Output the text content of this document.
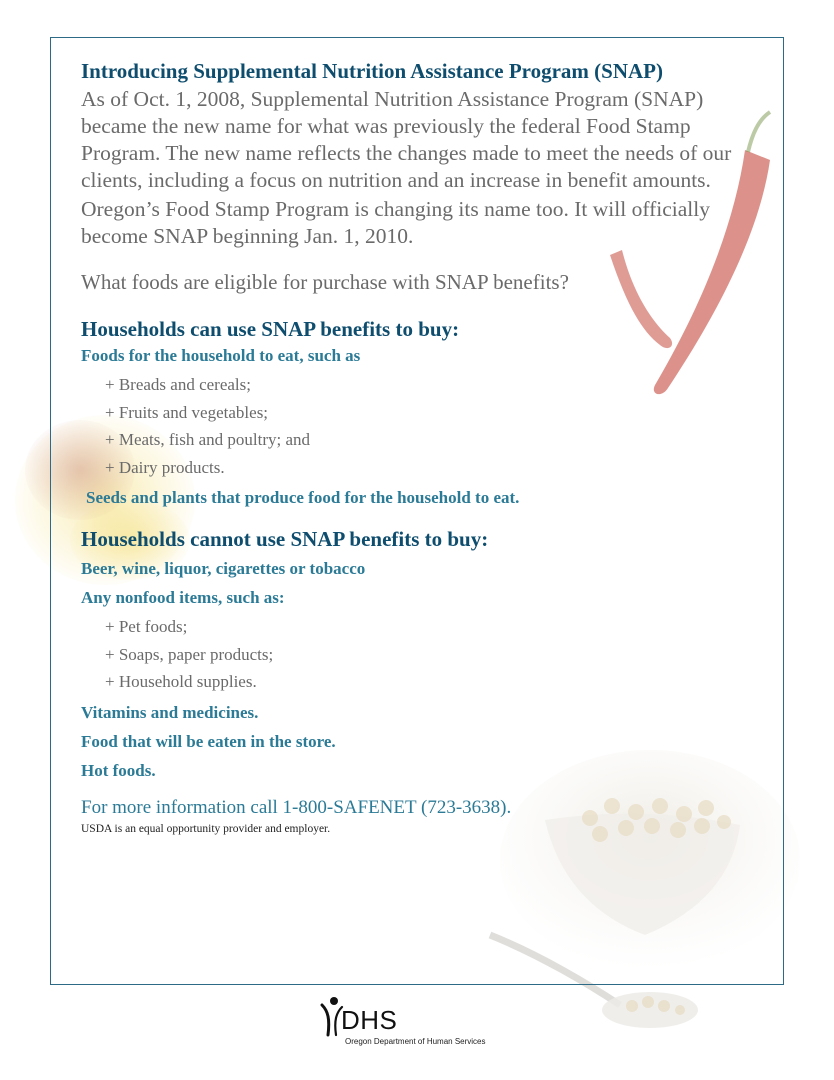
Introducing Supplemental Nutrition Assistance Program (SNAP)
As of Oct. 1, 2008, Supplemental Nutrition Assistance Program (SNAP) became the new name for what was previously the federal Food Stamp Program. The new name reflects the changes made to meet the needs of our clients, including a focus on nutrition and an increase in benefit amounts.
Oregon’s Food Stamp Program is changing its name too. It will officially become SNAP beginning Jan. 1, 2010.
What foods are eligible for purchase with SNAP benefits?
Households can use SNAP benefits to buy:
Foods for the household to eat, such as
+ Breads and cereals;
+ Fruits and vegetables;
+ Meats, fish and poultry; and
+ Dairy products.
Seeds and plants that produce food for the household to eat.
Households cannot use SNAP benefits to buy:
Beer, wine, liquor, cigarettes or tobacco
Any nonfood items, such as:
+ Pet foods;
+ Soaps, paper products;
+ Household supplies.
Vitamins and medicines.
Food that will be eaten in the store.
Hot foods.
For more information call 1-800-SAFENET (723-3638).
USDA is an equal opportunity provider and employer.
DHS
Oregon Department of Human Services
